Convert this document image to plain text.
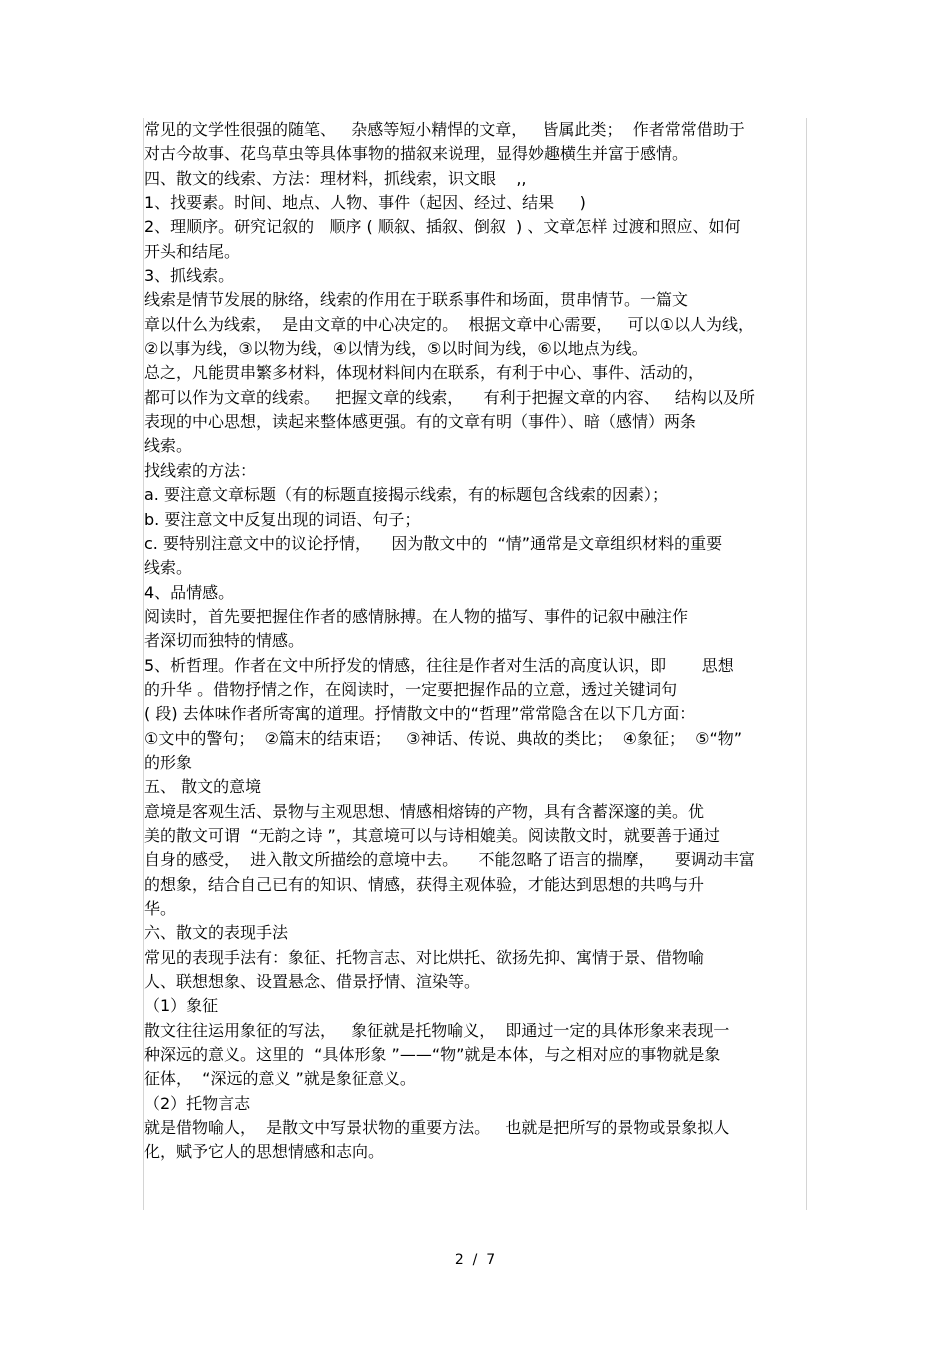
常见的文学性很强的随笔、   杂感等短小精悍的文章，   皆属此类；  作者常常借助于
对古今故事、花鸟草虫等具体事物的描叙来说理，显得妙趣横生并富于感情。
四、散文的线索、方法：理材料，抓线索，识文眼    ,,
1、找要素。时间、地点、人物、事件（起因、经过、结果     )
2、理顺序。研究记叙的   顺序 ( 顺叙、插叙、倒叙  ) 、文章怎样 过渡和照应、如何
开头和结尾。
3、抓线索。
线索是情节发展的脉络，线索的作用在于联系事件和场面，贯串情节。一篇文
章以什么为线索，  是由文章的中心决定的。  根据文章中心需要，   可以①以人为线，
②以事为线，③以物为线，④以情为线，⑤以时间为线，⑥以地点为线。
总之，凡能贯串繁多材料，体现材料间内在联系，有利于中心、事件、活动的，
都可以作为文章的线索。   把握文章的线索，    有利于把握文章的内容、   结构以及所
表现的中心思想，读起来整体感更强。有的文章有明（事件）、暗（感情）两条
线索。
找线索的方法：
a. 要注意文章标题（有的标题直接揭示线索，有的标题包含线索的因素）；
b. 要注意文中反复出现的词语、句子；
c. 要特别注意文中的议论抒情，    因为散文中的  “情”通常是文章组织材料的重要
线索。
4、品情感。
阅读时，首先要把握住作者的感情脉搏。在人物的描写、事件的记叙中融注作
者深切而独特的情感。
5、析哲理。作者在文中所抒发的情感，往往是作者对生活的高度认识，即       思想
的升华 。借物抒情之作，在阅读时，一定要把握作品的立意，透过关键词句
( 段) 去体味作者所寄寓的道理。抒情散文中的“哲理”常常隐含在以下几方面：
①文中的警句；  ②篇末的结束语；   ③神话、传说、典故的类比；  ④象征；  ⑤“物”
的形象
五、 散文的意境
意境是客观生活、景物与主观思想、情感相熔铸的产物，具有含蓄深邃的美。优
美的散文可谓  “无韵之诗 ”，其意境可以与诗相媲美。阅读散文时，就要善于通过
自身的感受，  进入散文所描绘的意境中去。    不能忽略了语言的揣摩，    要调动丰富
的想象，结合自己已有的知识、情感，获得主观体验，才能达到思想的共鸣与升
华。
六、散文的表现手法
常见的表现手法有：象征、托物言志、对比烘托、欲扬先抑、寓情于景、借物喻
人、联想想象、设置悬念、借景抒情、渲染等。
（1）象征
散文往往运用象征的写法，   象征就是托物喻义，  即通过一定的具体形象来表现一
种深远的意义。这里的  “具体形象 ”——“物”就是本体，与之相对应的事物就是象
征体，  “深远的意义 ”就是象征意义。
（2）托物言志
就是借物喻人，  是散文中写景状物的重要方法。   也就是把所写的景物或景象拟人
化，赋予它人的思想情感和志向。
2  /  7
